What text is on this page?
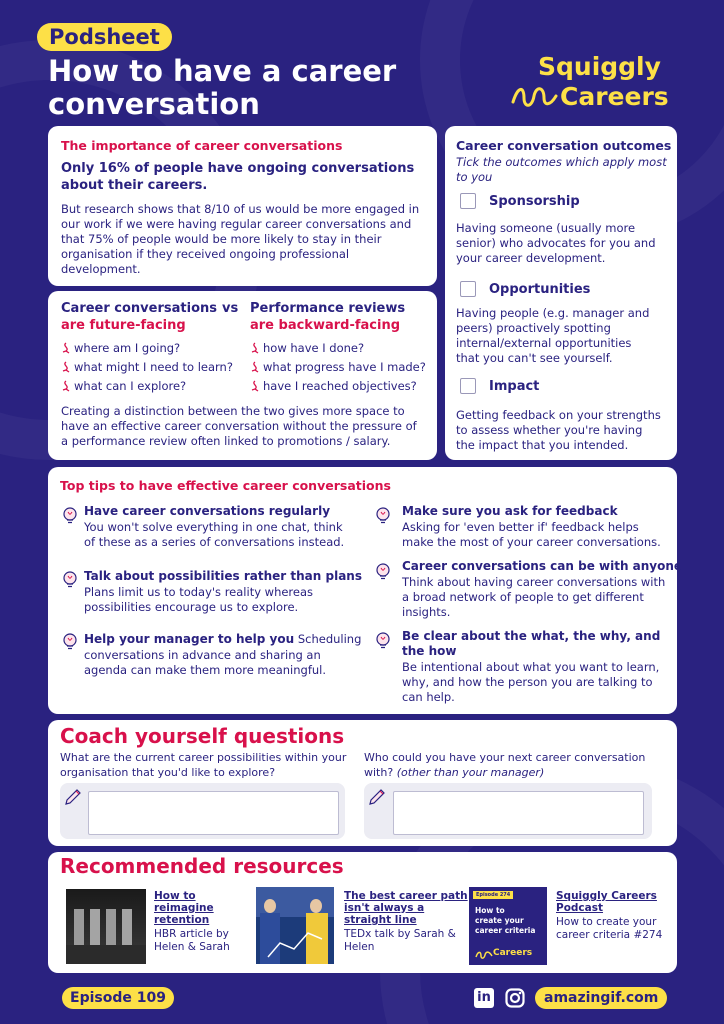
Podsheet
How to have a career
conversation
Squiggly
Careers
The importance of career conversations
Only 16% of people have ongoing conversations
about their careers.
But research shows that 8/10 of us would be more engaged in
our work if we were having regular career conversations and
that 75% of people would be more likely to stay in their
organisation if they received ongoing professional
development.
Career conversations vs
are future-facing
Performance reviews
are backward-facing
where am I going?
what might I need to learn?
what can I explore?
how have I done?
what progress have I made?
have I reached objectives?
Creating a distinction between the two gives more space to
have an effective career conversation without the pressure of
a performance review often linked to promotions / salary.
Career conversation outcomes
Tick the outcomes which apply most
to you
Sponsorship
Having someone (usually more
senior) who advocates for you and
your career development.
Opportunities
Having people (e.g. manager and
peers) proactively spotting
internal/external opportunities
that you can't see yourself.
Impact
Getting feedback on your strengths
to assess whether you're having
the impact that you intended.
Top tips to have effective career conversations
Have career conversations regularly
You won't solve everything in one chat, think
of these as a series of conversations instead.
Talk about possibilities rather than plans
Plans limit us to today's reality whereas
possibilities encourage us to explore.
Help your manager to help you Scheduling
conversations in advance and sharing an
agenda can make them more meaningful.
Make sure you ask for feedback
Asking for 'even better if' feedback helps
make the most of your career conversations.
Career conversations can be with anyone
Think about having career conversations with
a broad network of people to get different
insights.
Be clear about the what, the why, and
the how
Be intentional about what you want to learn,
why, and how the person you are talking to
can help.
Coach yourself questions
What are the current career possibilities within your
organisation that you'd like to explore?
Who could you have your next career conversation
with? (other than your manager)
Recommended resources
How to
reimagine
retention
HBR article by
Helen & Sarah
The best career path
isn't always a
straight line
TEDx talk by Sarah &
Helen
Episode 274
How to
create your
career criteria
Careers
Squiggly Careers
Podcast
How to create your
career criteria #274
Episode 109	in	amazingif.com
